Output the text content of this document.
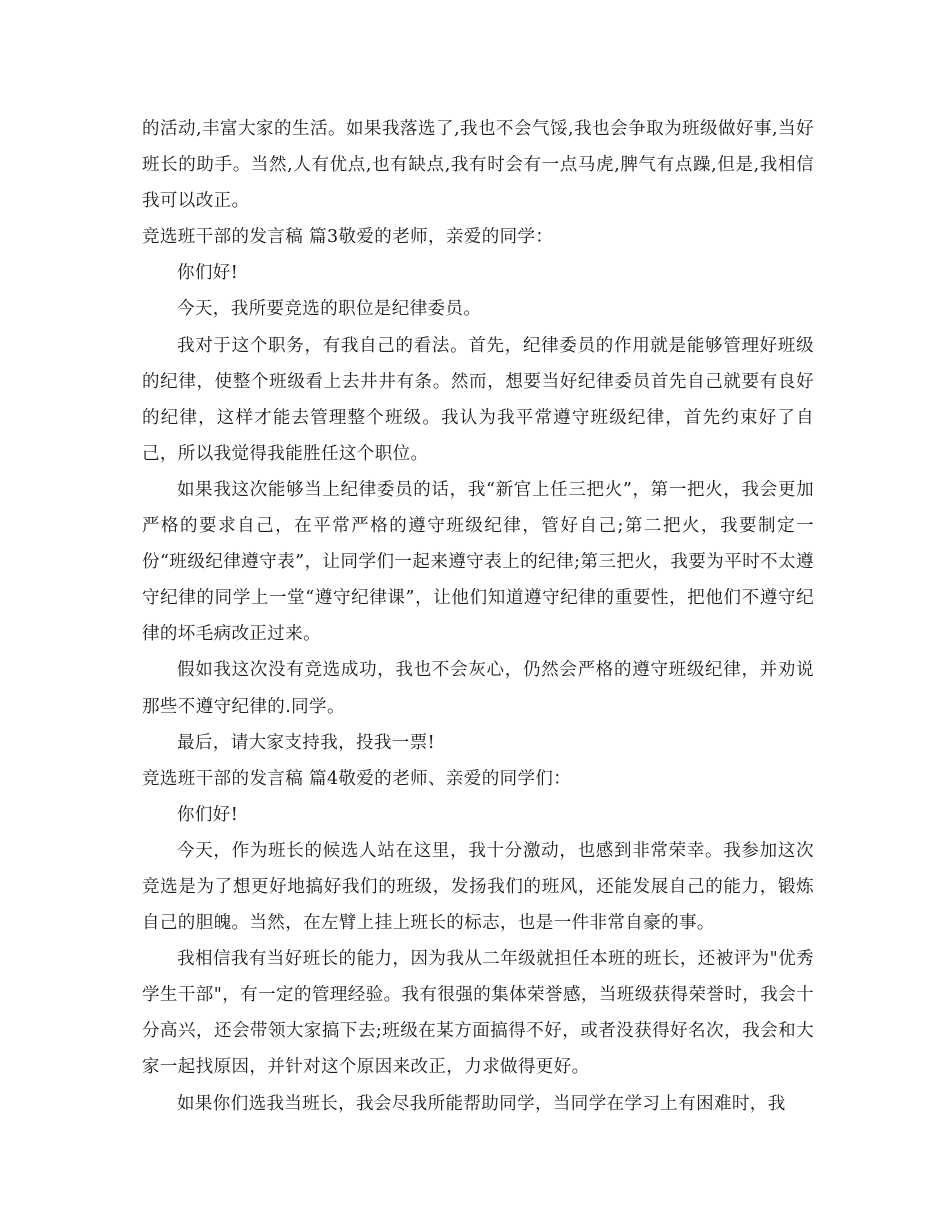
的活动,丰富大家的生活。如果我落选了,我也不会气馁,我也会争取为班级做好事,当好班长的助手。当然,人有优点,也有缺点,我有时会有一点马虎,脾气有点躁,但是,我相信我可以改正。

竞选班干部的发言稿 篇3敬爱的老师，亲爱的同学：

你们好!

今天，我所要竞选的职位是纪律委员。

我对于这个职务，有我自己的看法。首先，纪律委员的作用就是能够管理好班级的纪律，使整个班级看上去井井有条。然而，想要当好纪律委员首先自己就要有良好的纪律，这样才能去管理整个班级。我认为我平常遵守班级纪律，首先约束好了自己，所以我觉得我能胜任这个职位。

如果我这次能够当上纪律委员的话，我“新官上任三把火”，第一把火，我会更加严格的要求自己，在平常严格的遵守班级纪律，管好自己;第二把火，我要制定一份“班级纪律遵守表”，让同学们一起来遵守表上的纪律;第三把火，我要为平时不太遵守纪律的同学上一堂“遵守纪律课”，让他们知道遵守纪律的重要性，把他们不遵守纪律的坏毛病改正过来。

假如我这次没有竞选成功，我也不会灰心，仍然会严格的遵守班级纪律，并劝说那些不遵守纪律的.同学。

最后，请大家支持我，投我一票!

竞选班干部的发言稿 篇4敬爱的老师、亲爱的同学们：

你们好!

今天，作为班长的候选人站在这里，我十分激动，也感到非常荣幸。我参加这次竞选是为了想更好地搞好我们的班级，发扬我们的班风，还能发展自己的能力，锻炼自己的胆魄。当然，在左臂上挂上班长的标志，也是一件非常自豪的事。

我相信我有当好班长的能力，因为我从二年级就担任本班的班长，还被评为"优秀学生干部"，有一定的管理经验。我有很强的集体荣誉感，当班级获得荣誉时，我会十分高兴，还会带领大家搞下去;班级在某方面搞得不好，或者没获得好名次，我会和大家一起找原因，并针对这个原因来改正，力求做得更好。

如果你们选我当班长，我会尽我所能帮助同学，当同学在学习上有困难时，我
